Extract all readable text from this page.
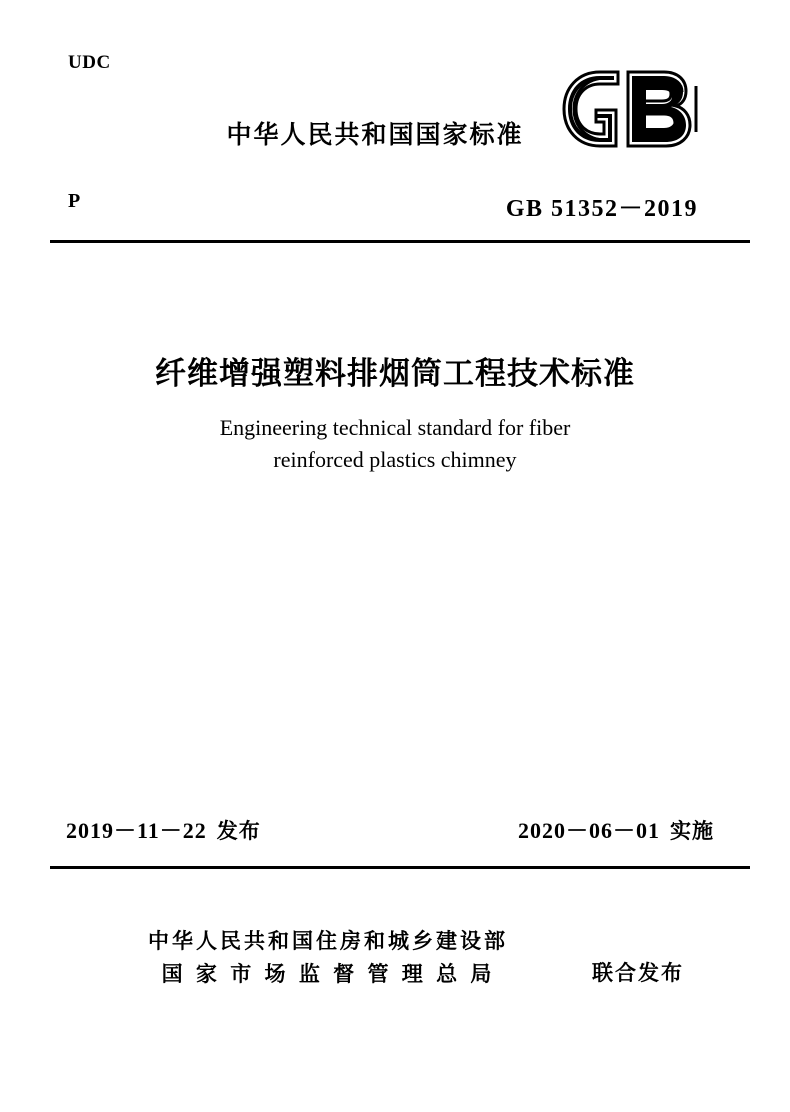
UDC
中华人民共和国国家标准
P	GB 51352－2019
纤维增强塑料排烟筒工程技术标准
Engineering technical standard for fiber
reinforced plastics chimney
2019－11－22 发布	2020－06－01 实施
中华人民共和国住房和城乡建设部
国 家 市 场 监 督 管 理 总 局	联合发布
